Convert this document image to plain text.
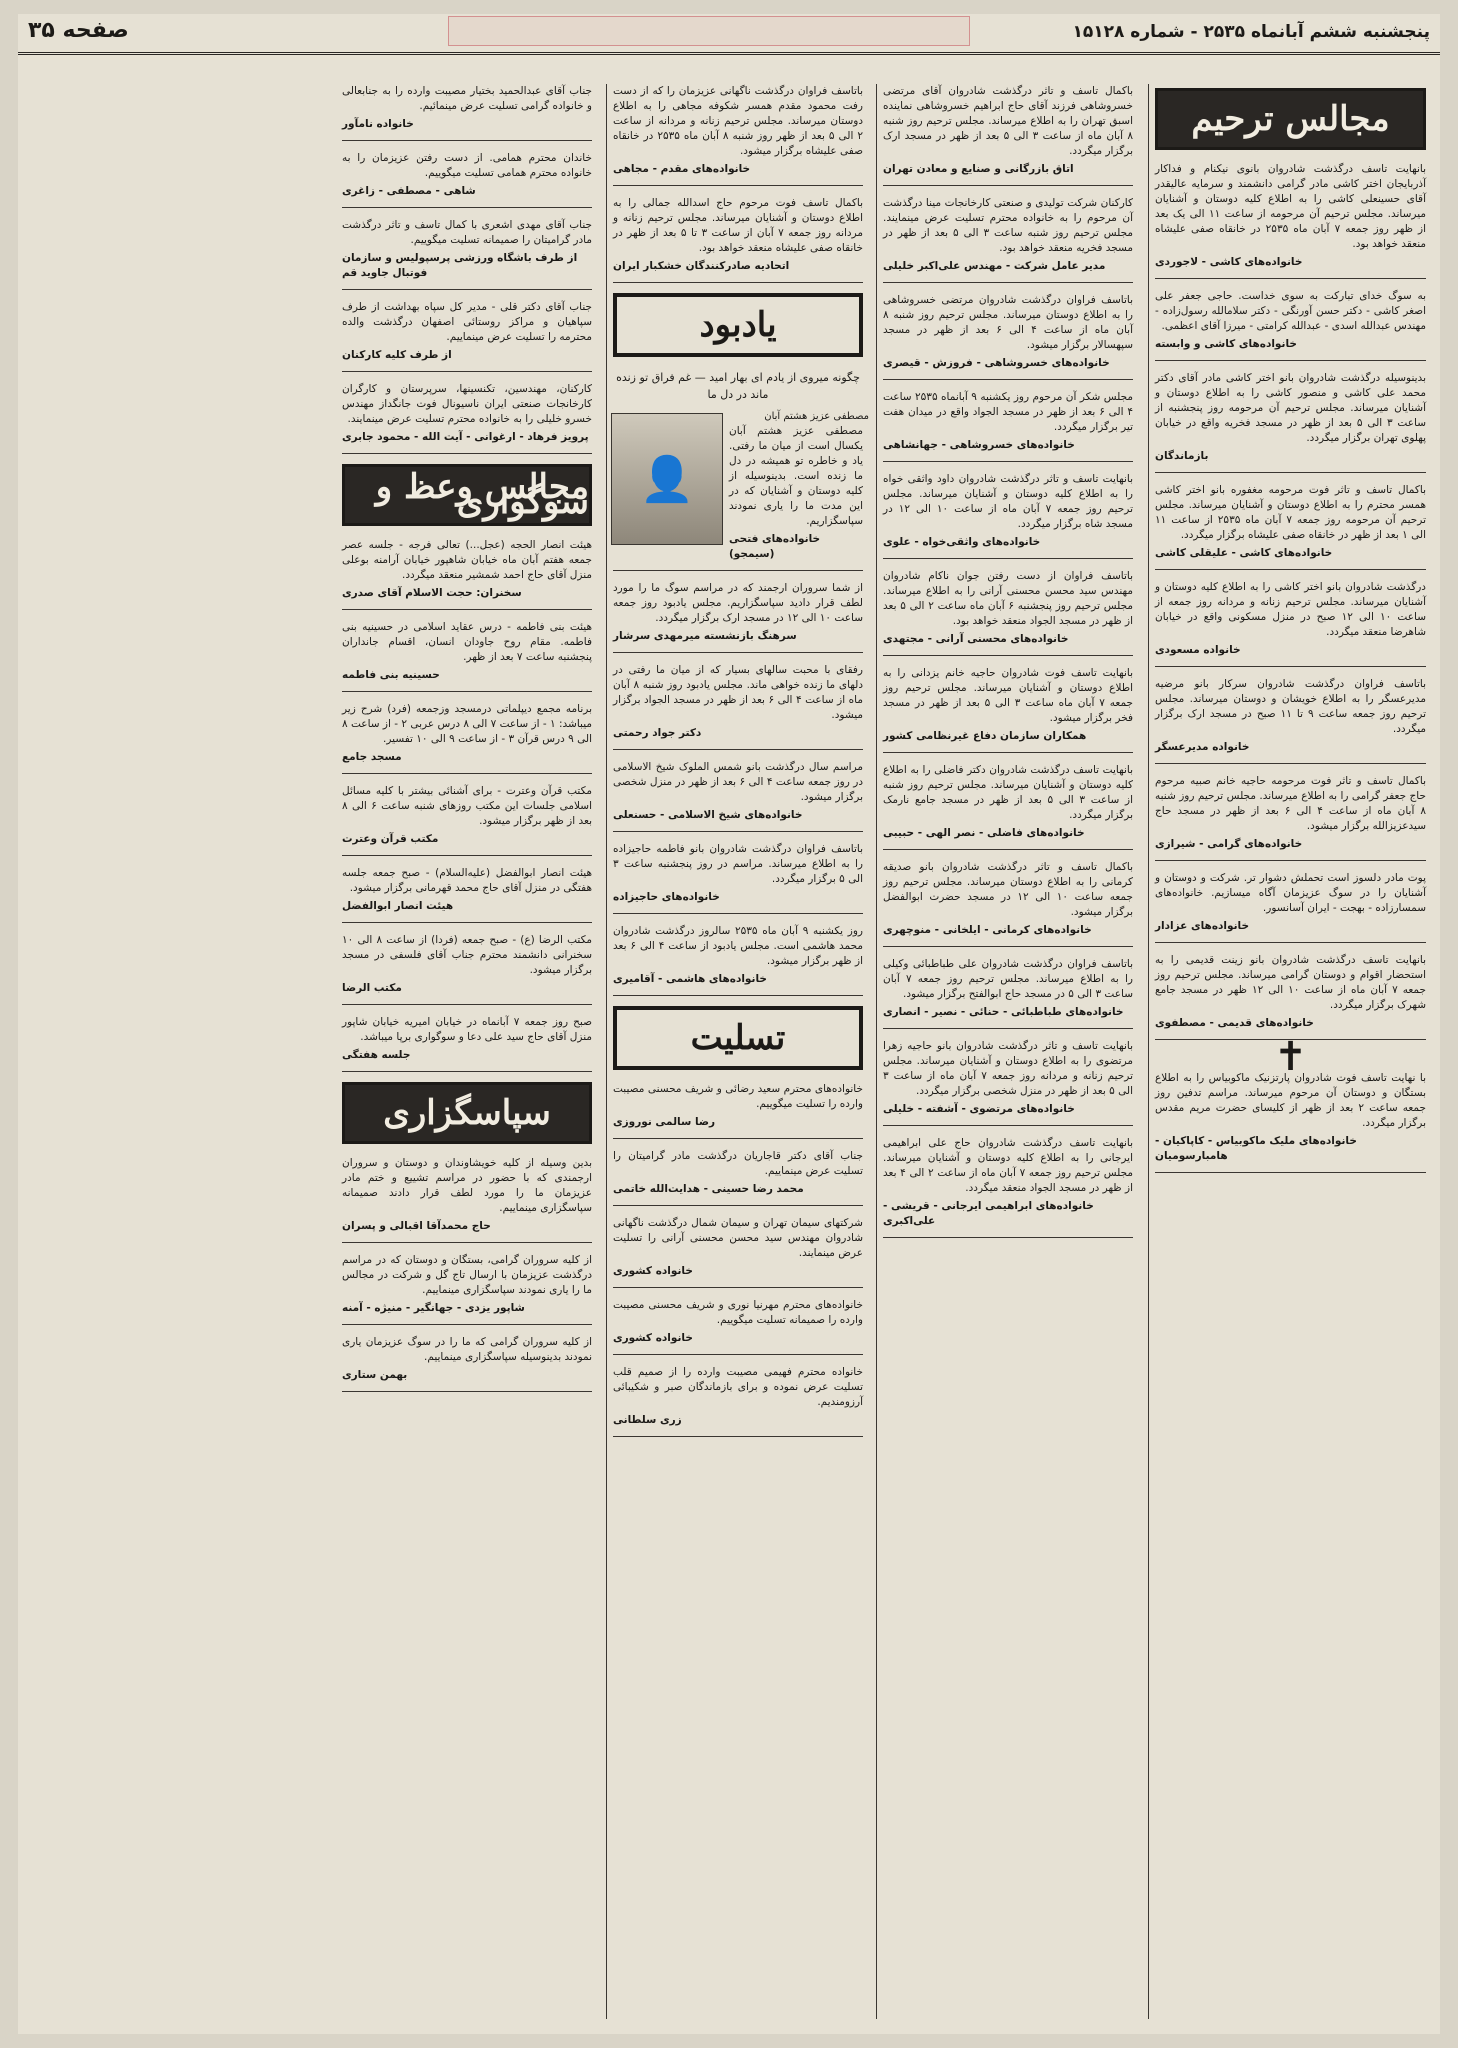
پنجشنبه ششم آبانماه ۲۵۳۵ - شماره ۱۵۱۲۸
صفحه ۳۵
مجالس ترحیم
بانهایت تاسف درگذشت شادروان بانوی نیکنام و فداکار آذربایجان اختر کاشی مادر گرامی دانشمند و سرمایه عالیقدر آقای حسینعلی کاشی را به اطلاع کلیه دوستان و آشنایان میرساند. مجلس ترحیم آن مرحومه از ساعت ۱۱ الی یک بعد از ظهر روز جمعه ۷ آبان ماه ۲۵۳۵ در خانقاه صفی علیشاه منعقد خواهد بود.
خانواده‌های کاشی - لاجوردی
به سوگ خدای تبارکت به سوی خداست. حاجی جعفر علی اصغر کاشی - دکتر حسن آورنگی - دکتر سلامالله رسول‌زاده - مهندس عبدالله اسدی - عبدالله کرامتی - میرزا آقای اعظمی.
خانواده‌های کاشی و وابسته
بدینوسیله درگذشت شادروان بانو اختر کاشی مادر آقای دکتر محمد علی کاشی و منصور کاشی را به اطلاع دوستان و آشنایان میرساند. مجلس ترحیم آن مرحومه روز پنجشنبه از ساعت ۳ الی ۵ بعد از ظهر در مسجد فخریه واقع در خیابان پهلوی تهران برگزار میگردد.
بازماندگان
باکمال تاسف و تاثر فوت مرحومه مغفوره بانو اختر کاشی همسر محترم را به اطلاع دوستان و آشنایان میرساند. مجلس ترحیم آن مرحومه روز جمعه ۷ آبان ماه ۲۵۳۵ از ساعت ۱۱ الی ۱ بعد از ظهر در خانقاه صفی علیشاه برگزار میگردد.
خانواده‌های کاشی - علیقلی کاشی
درگذشت شادروان بانو اختر کاشی را به اطلاع کلیه دوستان و آشنایان میرساند. مجلس ترحیم زنانه و مردانه روز جمعه از ساعت ۱۰ الی ۱۲ صبح در منزل مسکونی واقع در خیابان شاهرضا منعقد میگردد.
خانواده مسعودی
باتاسف فراوان درگذشت شادروان سرکار بانو مرضیه مدیرعسگر را به اطلاع خویشان و دوستان میرساند. مجلس ترحیم روز جمعه ساعت ۹ تا ۱۱ صبح در مسجد ارک برگزار میگردد.
خانواده مدیرعسگر
باکمال تاسف و تاثر فوت مرحومه حاجیه خانم صبیه مرحوم حاج جعفر گرامی را به اطلاع میرساند. مجلس ترحیم روز شنبه ۸ آبان ماه از ساعت ۴ الی ۶ بعد از ظهر در مسجد حاج سیدعزیزالله برگزار میشود.
خانواده‌های گرامی - شیرازی
پوت مادر دلسوز است تحملش دشوار تر. شرکت و دوستان و آشنایان را در سوگ عزیزمان آگاه میسازیم. خانواده‌های سمسارزاده - بهجت - ایران آسانسور.
خانواده‌های عزادار
بانهایت تاسف درگذشت شادروان بانو زینت قدیمی را به استحضار اقوام و دوستان گرامی میرساند. مجلس ترحیم روز جمعه ۷ آبان ماه از ساعت ۱۰ الی ۱۲ ظهر در مسجد جامع شهرک برگزار میگردد.
خانواده‌های قدیمی - مصطفوی
✝
با نهایت تاسف فوت شادروان پارتزنیک ماکوبیاس را به اطلاع بستگان و دوستان آن مرحوم میرساند. مراسم تدفین روز جمعه ساعت ۲ بعد از ظهر از کلیسای حضرت مریم مقدس برگزار میگردد.
خانواده‌های ملیک ماکوبیاس - کاپاکیان - هامبارسومیان
باکمال تاسف و تاثر درگذشت شادروان آقای مرتضی خسروشاهی فرزند آقای حاج ابراهیم خسروشاهی نماینده اسبق تهران را به اطلاع میرساند. مجلس ترحیم روز شنبه ۸ آبان ماه از ساعت ۳ الی ۵ بعد از ظهر در مسجد ارک برگزار میگردد.
اتاق بازرگانی و صنایع و معادن تهران
کارکنان شرکت تولیدی و صنعتی کارخانجات مینا درگذشت آن مرحوم را به خانواده محترم تسلیت عرض مینمایند. مجلس ترحیم روز شنبه ساعت ۳ الی ۵ بعد از ظهر در مسجد فخریه منعقد خواهد بود.
مدیر عامل شرکت - مهندس علی‌اکبر خلیلی
باتاسف فراوان درگذشت شادروان مرتضی خسروشاهی را به اطلاع دوستان میرساند. مجلس ترحیم روز شنبه ۸ آبان ماه از ساعت ۴ الی ۶ بعد از ظهر در مسجد سپهسالار برگزار میشود.
خانواده‌های خسروشاهی - فروزش - قیصری
مجلس شکر آن مرحوم روز یکشنبه ۹ آبانماه ۲۵۳۵ ساعت ۴ الی ۶ بعد از ظهر در مسجد الجواد واقع در میدان هفت تیر برگزار میگردد.
خانواده‌های خسروشاهی - جهانشاهی
بانهایت تاسف و تاثر درگذشت شادروان داود واثقی خواه را به اطلاع کلیه دوستان و آشنایان میرساند. مجلس ترحیم روز جمعه ۷ آبان ماه از ساعت ۱۰ الی ۱۲ در مسجد شاه برگزار میگردد.
خانواده‌های واثقی‌خواه - علوی
باتاسف فراوان از دست رفتن جوان ناکام شادروان مهندس سید محسن محسنی آرانی را به اطلاع میرساند. مجلس ترحیم روز پنجشنبه ۶ آبان ماه ساعت ۲ الی ۵ بعد از ظهر در مسجد الجواد منعقد خواهد بود.
خانواده‌های محسنی آرانی - مجتهدی
بانهایت تاسف فوت شادروان حاجیه خانم یزدانی را به اطلاع دوستان و آشنایان میرساند. مجلس ترحیم روز جمعه ۷ آبان ماه ساعت ۳ الی ۵ بعد از ظهر در مسجد فخر برگزار میشود.
همکاران سازمان دفاع غیرنظامی کشور
بانهایت تاسف درگذشت شادروان دکتر فاضلی را به اطلاع کلیه دوستان و آشنایان میرساند. مجلس ترحیم روز شنبه از ساعت ۳ الی ۵ بعد از ظهر در مسجد جامع نارمک برگزار میگردد.
خانواده‌های فاضلی - نصر الهی - حبیبی
باکمال تاسف و تاثر درگذشت شادروان بانو صدیقه کرمانی را به اطلاع دوستان میرساند. مجلس ترحیم روز جمعه ساعت ۱۰ الی ۱۲ در مسجد حضرت ابوالفضل برگزار میشود.
خانواده‌های کرمانی - ایلخانی - منوچهری
باتاسف فراوان درگذشت شادروان علی طباطبائی وکیلی را به اطلاع میرساند. مجلس ترحیم روز جمعه ۷ آبان ساعت ۳ الی ۵ در مسجد حاج ابوالفتح برگزار میشود.
خانواده‌های طباطبائی - حنائی - نصیر - انصاری
بانهایت تاسف و تاثر درگذشت شادروان بانو حاجیه زهرا مرتضوی را به اطلاع دوستان و آشنایان میرساند. مجلس ترحیم زنانه و مردانه روز جمعه ۷ آبان ماه از ساعت ۳ الی ۵ بعد از ظهر در منزل شخصی برگزار میگردد.
خانواده‌های مرتضوی - آشفته - خلیلی
بانهایت تاسف درگذشت شادروان حاج علی ابراهیمی ایرجانی را به اطلاع کلیه دوستان و آشنایان میرساند. مجلس ترحیم روز جمعه ۷ آبان ماه از ساعت ۲ الی ۴ بعد از ظهر در مسجد الجواد منعقد میگردد.
خانواده‌های ابراهیمی ایرجانی - قریشی - علی‌اکبری
باتاسف فراوان درگذشت ناگهانی عزیزمان را که از دست رفت محمود مقدم همسر شکوفه مجاهی را به اطلاع دوستان میرساند. مجلس ترحیم زنانه و مردانه از ساعت ۲ الی ۵ بعد از ظهر روز شنبه ۸ آبان ماه ۲۵۳۵ در خانقاه صفی علیشاه برگزار میشود.
خانواده‌های مقدم - مجاهی
باکمال تاسف فوت مرحوم حاج اسدالله جمالی را به اطلاع دوستان و آشنایان میرساند. مجلس ترحیم زنانه و مردانه روز جمعه ۷ آبان از ساعت ۳ تا ۵ بعد از ظهر در خانقاه صفی علیشاه منعقد خواهد بود.
اتحادیه صادرکنندگان خشکبار ایران
یادبود
چگونه میروی از یادم ای بهار امید — غم فراق تو زنده ماند در دل ما
👤
مصطفی عزیز هشتم آبان
مصطفی عزیز هشتم آبان یکسال است از میان ما رفتی. یاد و خاطره تو همیشه در دل ما زنده است. بدینوسیله از کلیه دوستان و آشنایان که در این مدت ما را یاری نمودند سپاسگزاریم.
خانواده‌های فتحی (سیمجو)
از شما سروران ارجمند که در مراسم سوگ ما را مورد لطف قرار دادید سپاسگزاریم. مجلس یادبود روز جمعه ساعت ۱۰ الی ۱۲ در مسجد ارک برگزار میگردد.
سرهنگ بازنشسته میرمهدی سرشار
رفقای با محبت سالهای بسیار که از میان ما رفتی در دلهای ما زنده خواهی ماند. مجلس یادبود روز شنبه ۸ آبان ماه از ساعت ۴ الی ۶ بعد از ظهر در مسجد الجواد برگزار میشود.
دکتر جواد رحمتی
مراسم سال درگذشت بانو شمس الملوک شیخ الاسلامی در روز جمعه ساعت ۴ الی ۶ بعد از ظهر در منزل شخصی برگزار میشود.
خانواده‌های شیخ الاسلامی - حسنعلی
باتاسف فراوان درگذشت شادروان بانو فاطمه حاجیزاده را به اطلاع میرساند. مراسم در روز پنجشنبه ساعت ۳ الی ۵ برگزار میگردد.
خانواده‌های حاجیزاده
روز یکشنبه ۹ آبان ماه ۲۵۳۵ سالروز درگذشت شادروان محمد هاشمی است. مجلس یادبود از ساعت ۴ الی ۶ بعد از ظهر برگزار میشود.
خانواده‌های هاشمی - آقامیری
تسلیت
خانواده‌های محترم سعید رضائی و شریف محسنی مصیبت وارده را تسلیت میگوییم.
رضا سالمی نوروزی
جناب آقای دکتر قاجاریان درگذشت مادر گرامیتان را تسلیت عرض مینماییم.
محمد رضا حسینی - هدایت‌الله خاتمی
شرکتهای سیمان تهران و سیمان شمال درگذشت ناگهانی شادروان مهندس سید محسن محسنی آرانی را تسلیت عرض مینمایند.
خانواده کشوری
خانواده‌های محترم مهرنیا نوری و شریف محسنی مصیبت وارده را صمیمانه تسلیت میگوییم.
خانواده کشوری
خانواده محترم فهیمی مصیبت وارده را از صمیم قلب تسلیت عرض نموده و برای بازماندگان صبر و شکیبائی آرزومندیم.
زری سلطانی
جناب آقای عبدالحمید بختیار مصیبت وارده را به جنابعالی و خانواده گرامی تسلیت عرض مینمائیم.
خانواده نامآور
خاندان محترم همامی. از دست رفتن عزیزمان را به خانواده محترم همامی تسلیت میگوییم.
شاهی - مصطفی - زاغری
جناب آقای مهدی اشعری با کمال تاسف و تاثر درگذشت مادر گرامیتان را صمیمانه تسلیت میگوییم.
از طرف باشگاه ورزشی پرسپولیس و سازمان فوتبال جاوید قم
جناب آقای دکتر قلی - مدیر کل سپاه بهداشت از طرف سپاهیان و مراکز روستائی اصفهان درگذشت والده محترمه را تسلیت عرض مینماییم.
از طرف کلیه کارکنان
کارکنان، مهندسین، تکنسینها، سرپرستان و کارگران کارخانجات صنعتی ایران ناسیونال فوت جانگداز مهندس خسرو خلیلی را به خانواده محترم تسلیت عرض مینمایند.
پرویز فرهاد - ارغوانی - آیت الله - محمود جابری
مجالس وعظ و سوگواری
هیئت انصار الحجه (عجل...) تعالی فرجه - جلسه عصر جمعه هفتم آبان ماه خیابان شاهپور خیابان آرامنه بوعلی منزل آقای حاج احمد شمشیر منعقد میگردد.
سخنران: حجت الاسلام آقای صدری
هیئت بنی فاطمه - درس عقاید اسلامی در حسینیه بنی فاطمه. مقام روح جاودان انسان، اقسام جانداران پنجشنبه ساعت ۷ بعد از ظهر.
حسینیه بنی فاطمه
برنامه مجمع دیپلماتی درمسجد وزجمعه (فرد) شرح زیر میباشد: ۱ - از ساعت ۷ الی ۸ درس عربی ۲ - از ساعت ۸ الی ۹ درس قرآن ۳ - از ساعت ۹ الی ۱۰ تفسیر.
مسجد جامع
مکتب قرآن وعترت - برای آشنائی بیشتر با کلیه مسائل اسلامی جلسات این مکتب روزهای شنبه ساعت ۶ الی ۸ بعد از ظهر برگزار میشود.
مکتب قرآن وعترت
هیئت انصار ابوالفضل (علیه‌السلام) - صبح جمعه جلسه هفتگی در منزل آقای حاج محمد قهرمانی برگزار میشود.
هیئت انصار ابوالفضل
مکتب الرضا (ع) - صبح جمعه (فردا) از ساعت ۸ الی ۱۰ سخنرانی دانشمند محترم جناب آقای فلسفی در مسجد برگزار میشود.
مکتب الرضا
صبح روز جمعه ۷ آبانماه در خیابان امیریه خیابان شاپور منزل آقای حاج سید علی دعا و سوگواری برپا میباشد.
جلسه هفتگی
سپاسگزاری
بدین وسیله از کلیه خویشاوندان و دوستان و سروران ارجمندی که با حضور در مراسم تشییع و ختم مادر عزیزمان ما را مورد لطف قرار دادند صمیمانه سپاسگزاری مینماییم.
حاج محمدآقا اقبالی و پسران
از کلیه سروران گرامی، بستگان و دوستان که در مراسم درگذشت عزیزمان با ارسال تاج گل و شرکت در مجالس ما را یاری نمودند سپاسگزاری مینماییم.
شاپور یزدی - جهانگیر - منیژه - آمنه
از کلیه سروران گرامی که ما را در سوگ عزیزمان یاری نمودند بدینوسیله سپاسگزاری مینماییم.
بهمن ستاری
